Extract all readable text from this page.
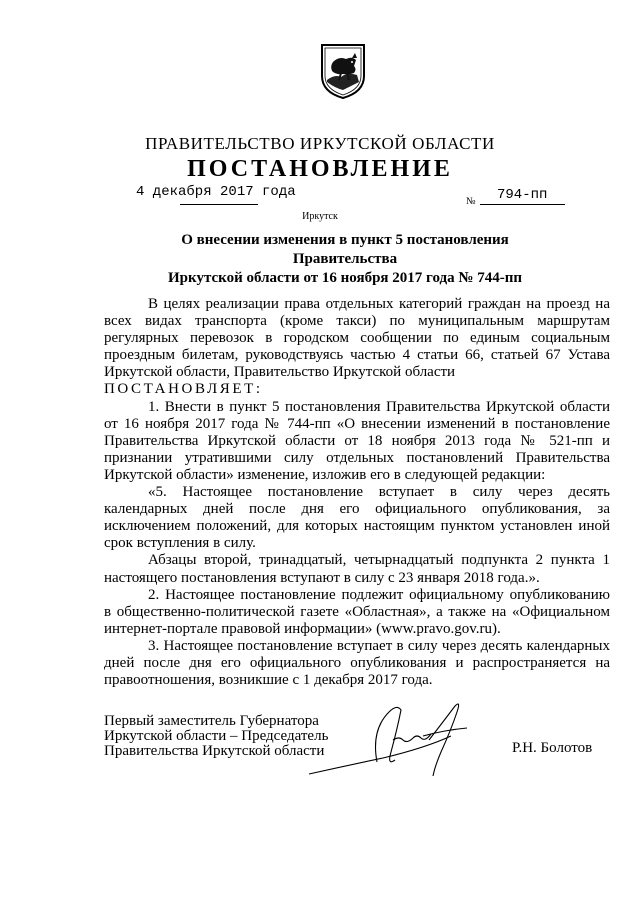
ПРАВИТЕЛЬСТВО ИРКУТСКОЙ ОБЛАСТИ
ПОСТАНОВЛЕНИЕ
4 декабря 2017 года
№ 794-пп
Иркутск
О внесении изменения в пункт 5 постановления Правительства
Иркутской области от 16 ноября 2017 года № 744-пп

В целях реализации права отдельных категорий граждан на проезд на всех видах транспорта (кроме такси) по муниципальным маршрутам регулярных перевозок в городском сообщении по единым социальным проездным билетам, руководствуясь частью 4 статьи 66, статьей 67 Устава Иркутской области, Правительство Иркутской области

ПОСТАНОВЛЯЕТ:

1. Внести в пункт 5 постановления Правительства Иркутской области от 16 ноября 2017 года № 744-пп «О внесении изменений в постановление Правительства Иркутской области от 18 ноября 2013 года № 521-пп и признании утратившими силу отдельных постановлений Правительства Иркутской области» изменение, изложив его в следующей редакции:

«5. Настоящее постановление вступает в силу через десять календарных дней после дня его официального опубликования, за исключением положений, для которых настоящим пунктом установлен иной срок вступления в силу.

Абзацы второй, тринадцатый, четырнадцатый подпункта 2 пункта 1 настоящего постановления вступают в силу с 23 января 2018 года.».

2. Настоящее постановление подлежит официальному опубликованию в общественно-политической газете «Областная», а также на «Официальном интернет-портале правовой информации» (www.pravo.gov.ru).

3. Настоящее постановление вступает в силу через десять календарных дней после дня его официального опубликования и распространяется на правоотношения, возникшие с 1 декабря 2017 года.

Первый заместитель Губернатора
Иркутской области – Председатель
Правительства Иркутской области	Р.Н. Болотов
